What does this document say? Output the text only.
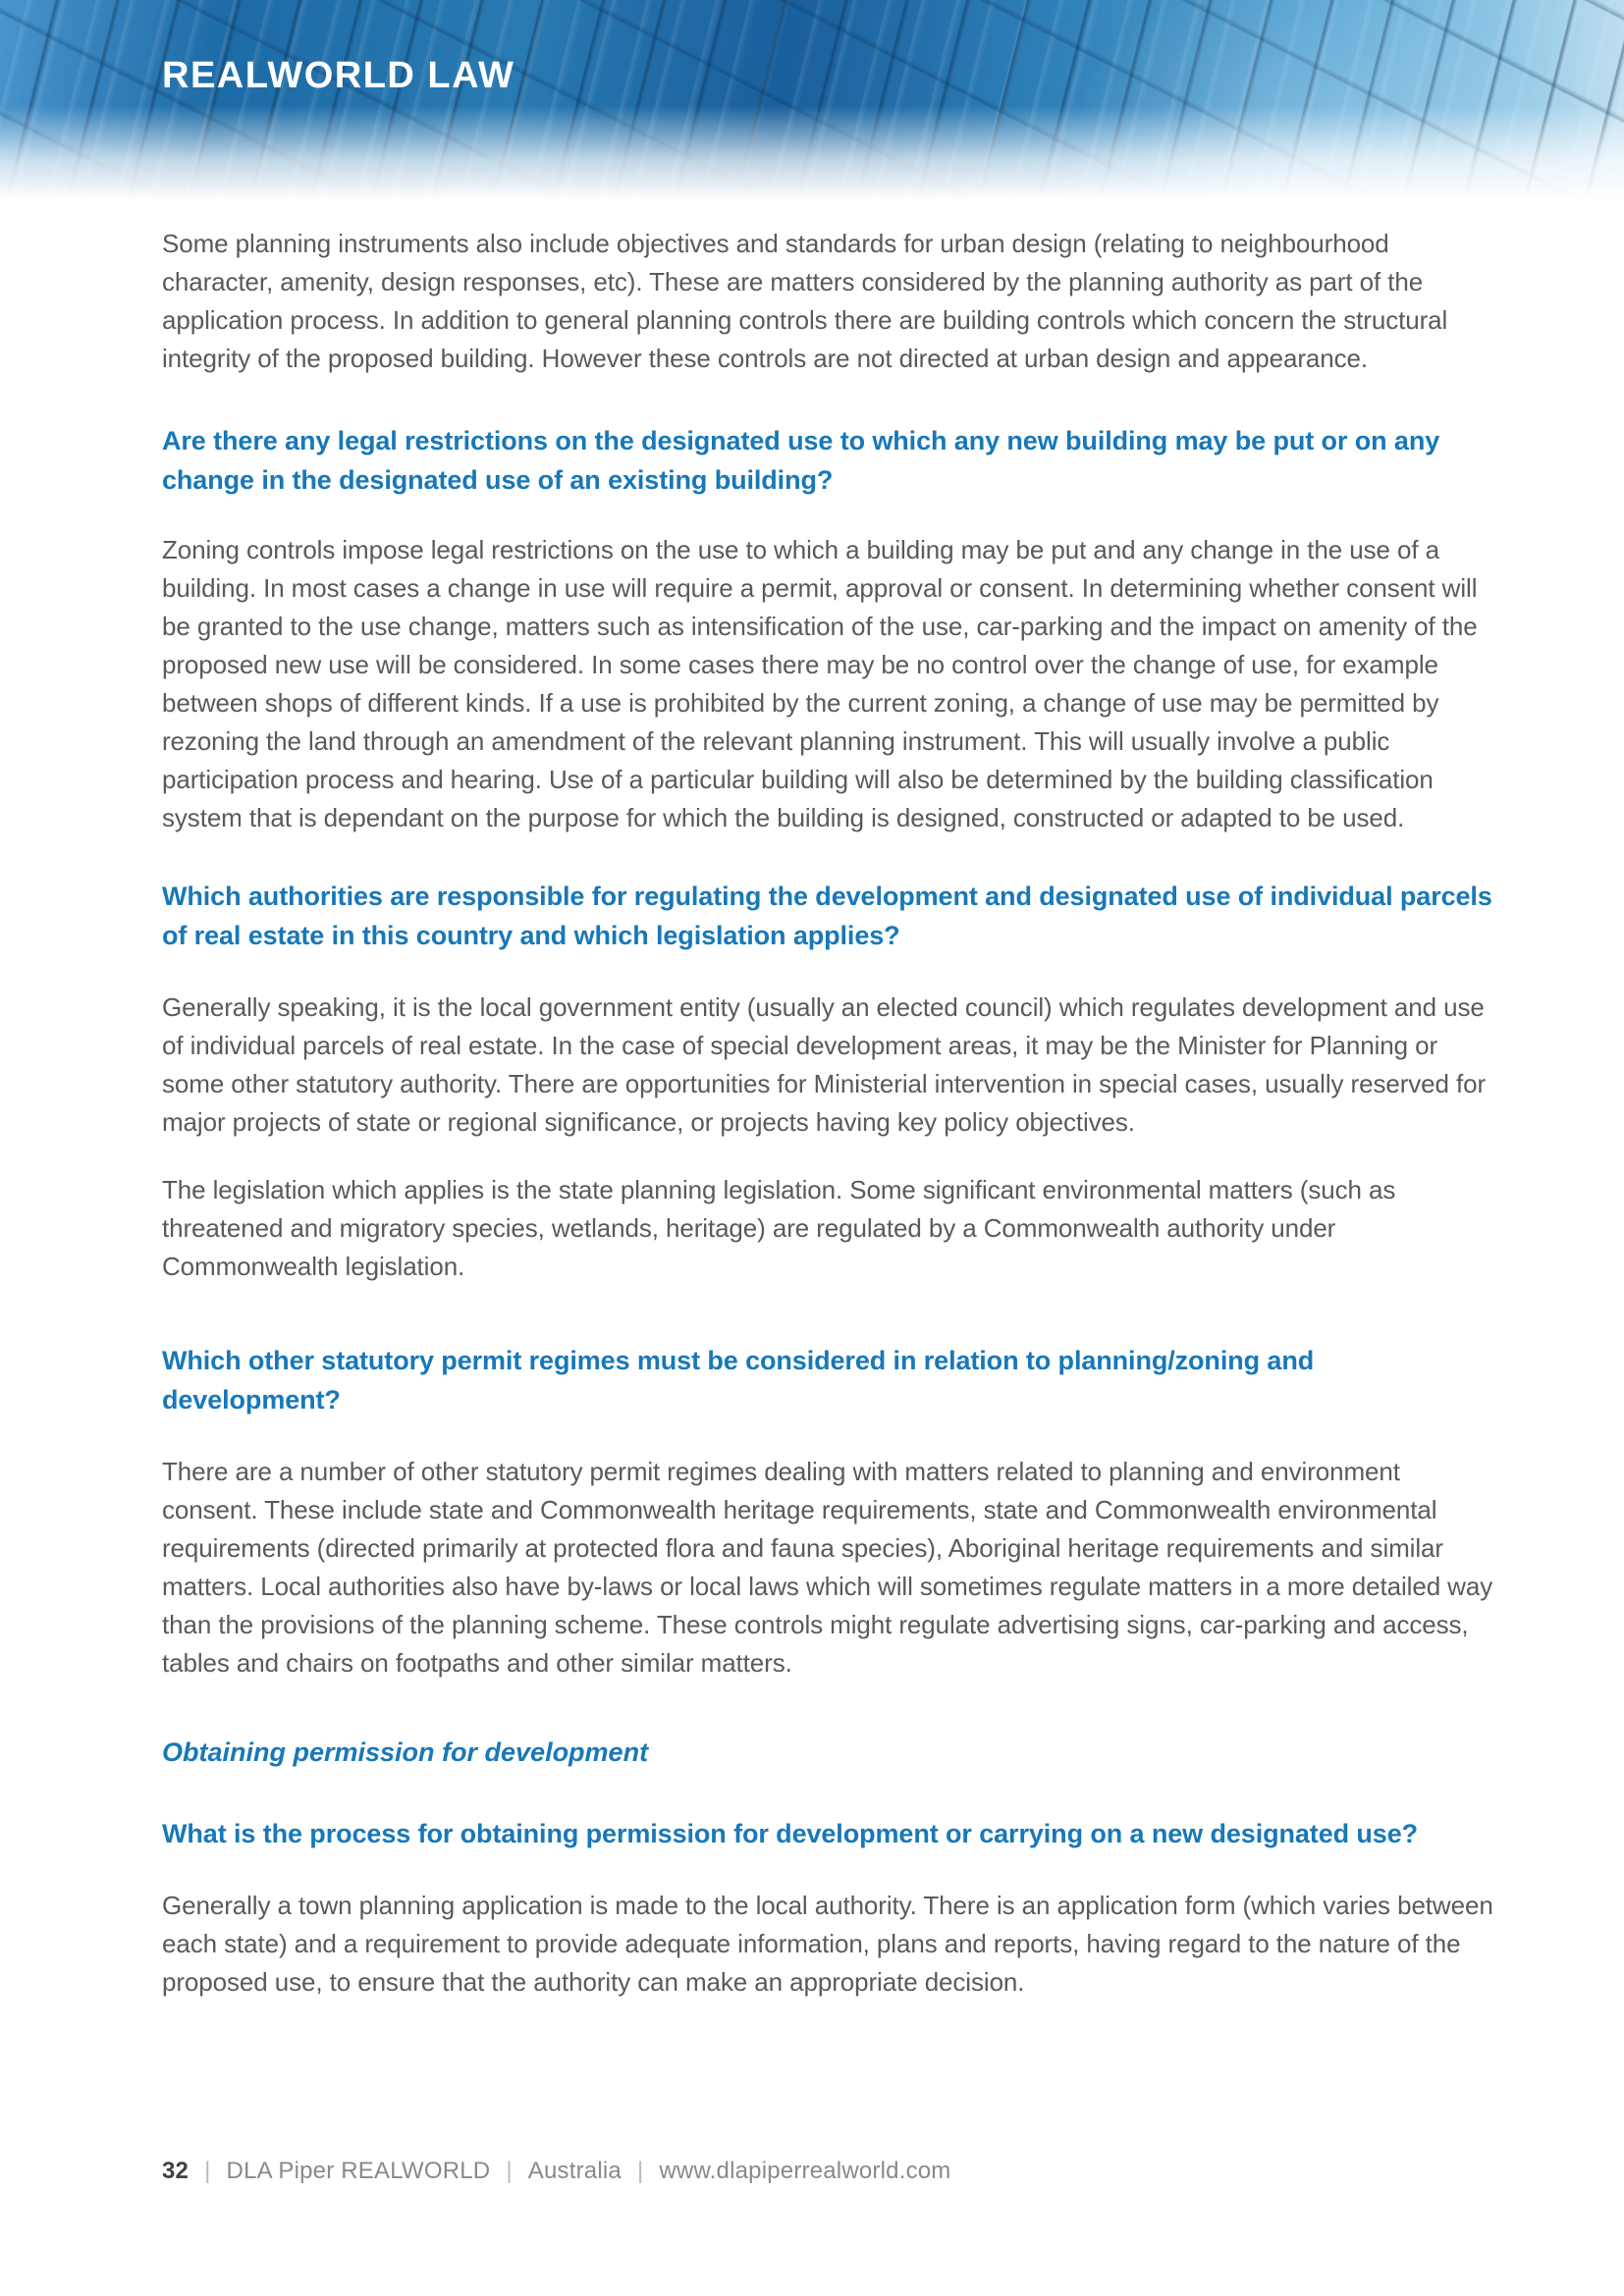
REALWORLD LAW

Some planning instruments also include objectives and standards for urban design (relating to neighbourhood character, amenity, design responses, etc). These are matters considered by the planning authority as part of the application process. In addition to general planning controls there are building controls which concern the structural integrity of the proposed building. However these controls are not directed at urban design and appearance.

Are there any legal restrictions on the designated use to which any new building may be put or on any change in the designated use of an existing building?

Zoning controls impose legal restrictions on the use to which a building may be put and any change in the use of a building. In most cases a change in use will require a permit, approval or consent. In determining whether consent will be granted to the use change, matters such as intensification of the use, car-parking and the impact on amenity of the proposed new use will be considered. In some cases there may be no control over the change of use, for example between shops of different kinds. If a use is prohibited by the current zoning, a change of use may be permitted by rezoning the land through an amendment of the relevant planning instrument. This will usually involve a public participation process and hearing. Use of a particular building will also be determined by the building classification system that is dependant on the purpose for which the building is designed, constructed or adapted to be used.

Which authorities are responsible for regulating the development and designated use of individual parcels of real estate in this country and which legislation applies?

Generally speaking, it is the local government entity (usually an elected council) which regulates development and use of individual parcels of real estate. In the case of special development areas, it may be the Minister for Planning or some other statutory authority. There are opportunities for Ministerial intervention in special cases, usually reserved for major projects of state or regional significance, or projects having key policy objectives.

The legislation which applies is the state planning legislation. Some significant environmental matters (such as threatened and migratory species, wetlands, heritage) are regulated by a Commonwealth authority under Commonwealth legislation.

Which other statutory permit regimes must be considered in relation to planning/zoning and development?

There are a number of other statutory permit regimes dealing with matters related to planning and environment consent. These include state and Commonwealth heritage requirements, state and Commonwealth environmental requirements (directed primarily at protected flora and fauna species), Aboriginal heritage requirements and similar matters. Local authorities also have by-laws or local laws which will sometimes regulate matters in a more detailed way than the provisions of the planning scheme. These controls might regulate advertising signs, car-parking and access, tables and chairs on footpaths and other similar matters.

Obtaining permission for development
What is the process for obtaining permission for development or carrying on a new designated use?

Generally a town planning application is made to the local authority. There is an application form (which varies between each state) and a requirement to provide adequate information, plans and reports, having regard to the nature of the proposed use, to ensure that the authority can make an appropriate decision.

32 | DLA Piper REALWORLD | Australia | www.dlapiperrealworld.com
